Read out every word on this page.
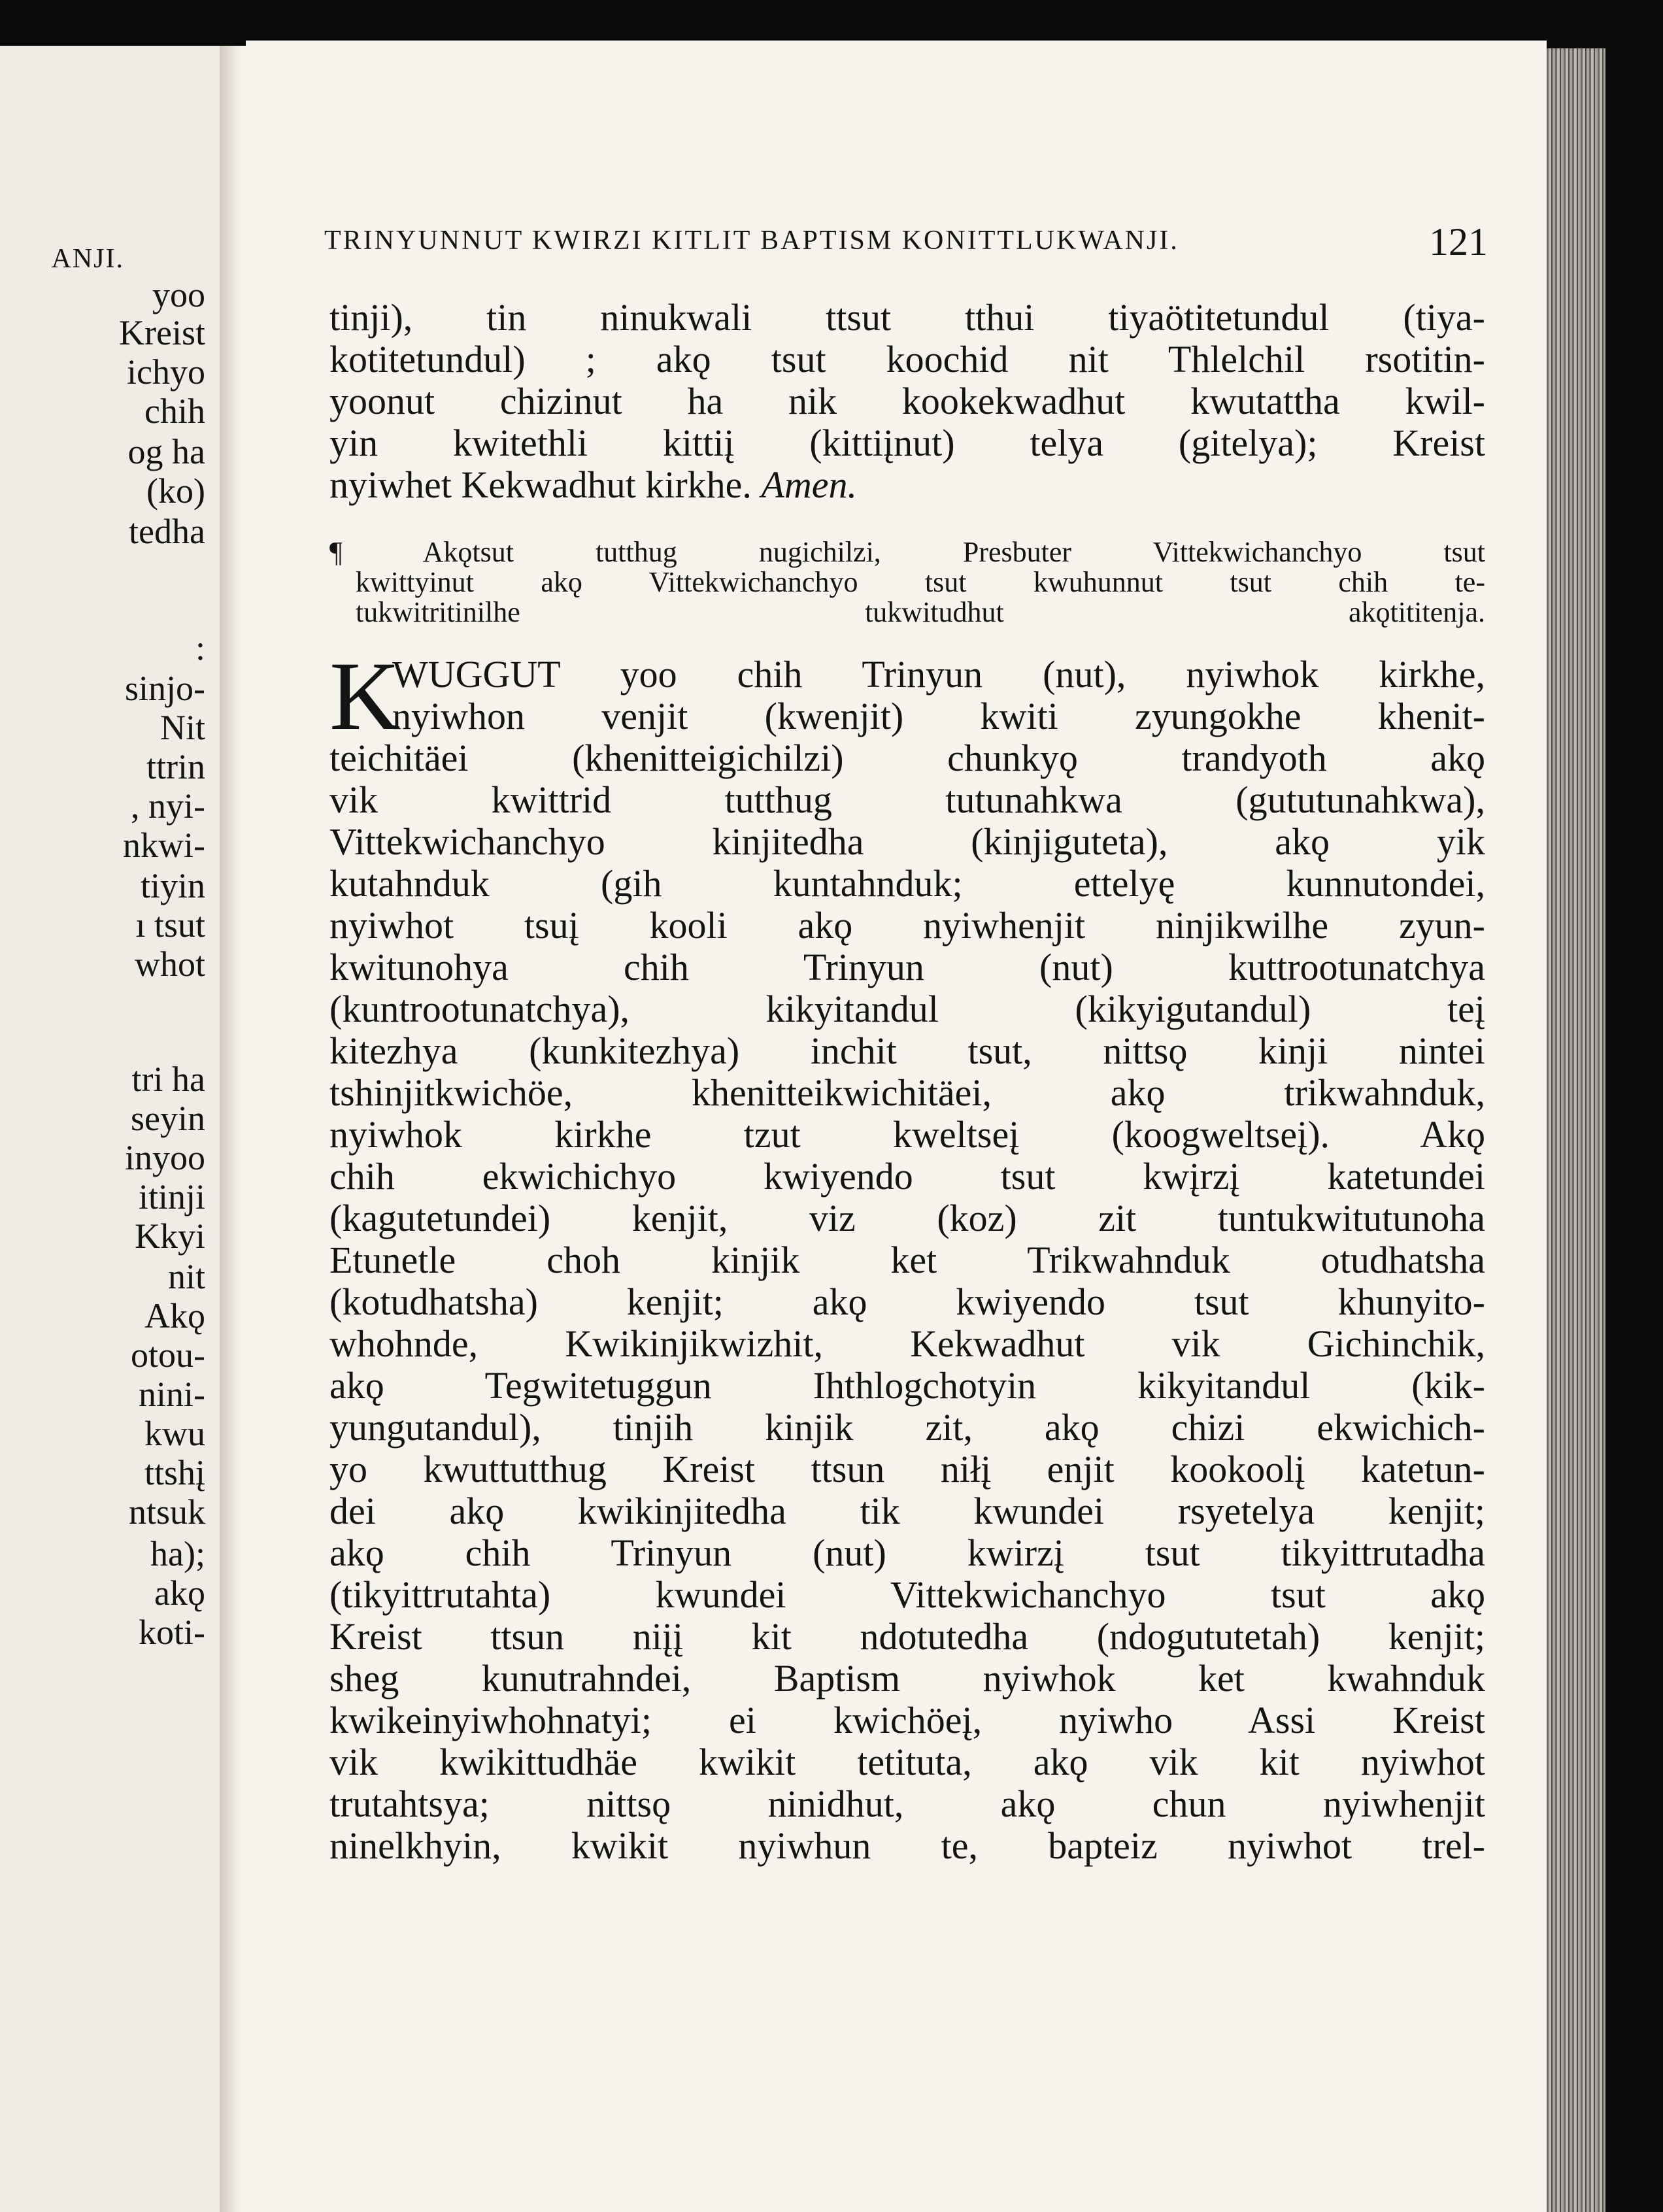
ANJI.
yoo
Kreist
ichyo
chih
og ha
(ko)
tedha
:
sinjo-
Nit
ttrin
, nyi-
nkwi-
tiyin
ı tsut
whot
tri ha
seyin
inyoo
itinji
Kkyi
nit
Akǫ
otou-
nini-
kwu
ttshį
ntsuk
ha);
akǫ
koti-
TRINYUNNUT KWIRZI KITLIT BAPTISM KONITTLUKWANJI.	121
tinji), tin ninukwali ttsut tthui tiyaötitetundul (tiya-
kotitetundul) ; akǫ tsut koochid nit Thlelchil rsotitin-
yoonut chizinut ha nik kookekwadhut kwutattha kwil-
yin kwitethli kittiį (kittiįnut) telya (gitelya); Kreist
nyiwhet Kekwadhut kirkhe. Amen.
¶ Akǫtsut tutthug nugichilzi, Presbuter Vittekwichanchyo tsut
kwittyinut akǫ Vittekwichanchyo tsut kwuhunnut tsut chih te-
tukwitritinilhe tukwitudhut akǫtititenja.
K
WUGGUT yoo chih Trinyun (nut), nyiwhok kirkhe,
nyiwhon venjit (kwenjit) kwiti zyungokhe khenit-
teichitäei (khenitteigichilzi) chunkyǫ trandyoth akǫ
vik kwittrid tutthug tutunahkwa (gututunahkwa),
Vittekwichanchyo kinjitedha (kinjiguteta), akǫ yik
kutahnduk (gih kuntahnduk; ettelyę kunnutondei,
nyiwhot tsuį kooli akǫ nyiwhenjit ninjikwilhe zyun-
kwitunohya chih Trinyun (nut) kuttrootunatchya
(kuntrootunatchya), kikyitandul (kikyigutandul) teį
kitezhya (kunkitezhya) inchit tsut, nittsǫ kinji nintei
tshinjitkwichöe, khenitteikwichitäei, akǫ trikwahnduk,
nyiwhok kirkhe tzut kweltseį (koogweltseį). Akǫ
chih ekwichichyo kwiyendo tsut kwįrzį katetundei
(kagutetundei) kenjit, viz (koz) zit tuntukwitutunoha
Etunetle choh kinjik ket Trikwahnduk otudhatsha
(kotudhatsha) kenjit; akǫ kwiyendo tsut khunyito-
whohnde, Kwikinjikwizhit, Kekwadhut vik Gichinchik,
akǫ Tegwitetuggun Ihthlogchotyin kikyitandul (kik-
yungutandul), tinjih kinjik zit, akǫ chizi ekwichich-
yo kwuttutthug Kreist ttsun niłį enjit kookoolį katetun-
dei akǫ kwikinjitedha tik kwundei rsyetelya kenjit;
akǫ chih Trinyun (nut) kwirzį tsut tikyittrutadha
(tikyittrutahta) kwundei Vittekwichanchyo tsut akǫ
Kreist ttsun niįį kit ndotutedha (ndogututetah) kenjit;
sheg kunutrahndei, Baptism nyiwhok ket kwahnduk
kwikeinyiwhohnatyi; ei kwichöeį, nyiwho Assi Kreist
vik kwikittudhäe kwikit tetituta, akǫ vik kit nyiwhot
trutahtsya; nittsǫ ninidhut, akǫ chun nyiwhenjit
ninelkhyin, kwikit nyiwhun te, bapteiz nyiwhot trel-
